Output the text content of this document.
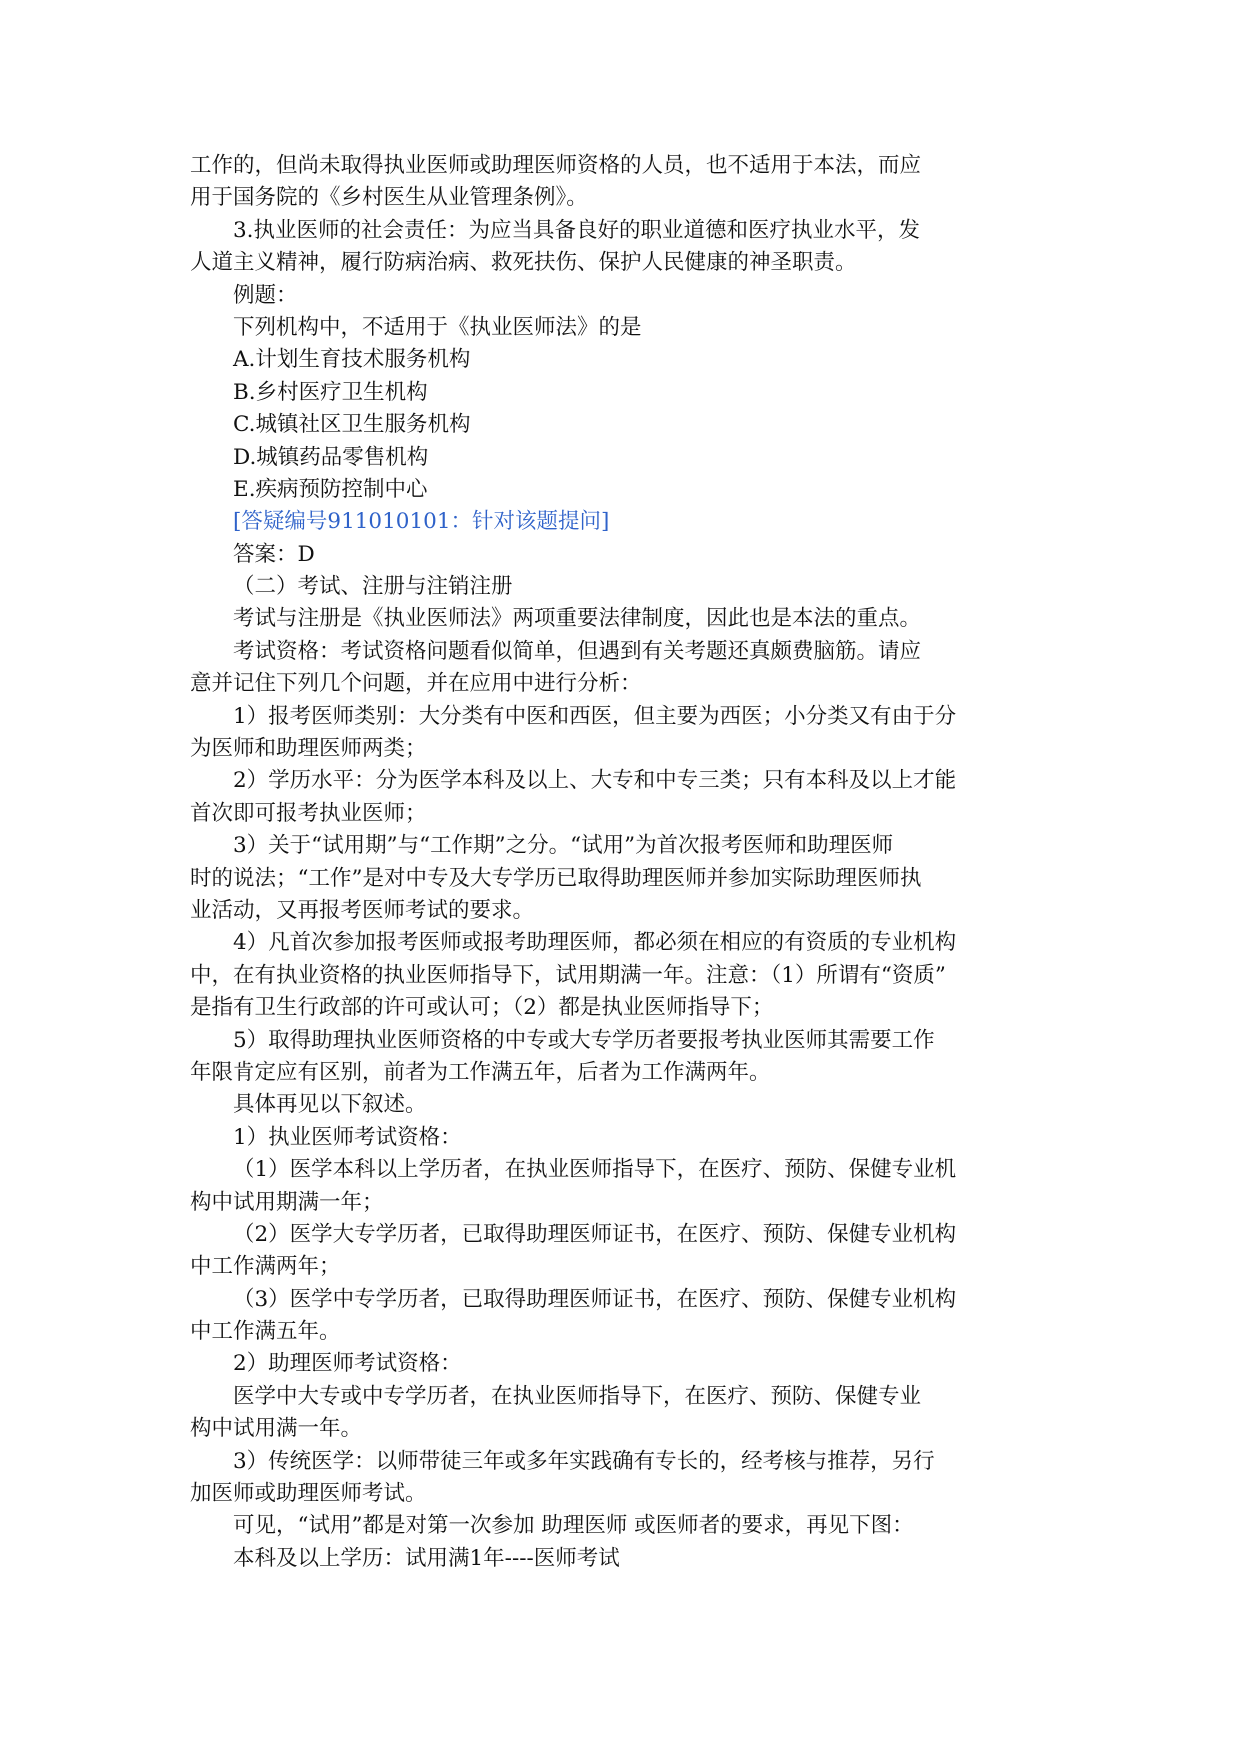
工作的，但尚未取得执业医师或助理医师资格的人员，也不适用于本法，而应
用于国务院的《乡村医生从业管理条例》。
3.执业医师的社会责任：为应当具备良好的职业道德和医疗执业水平，发
人道主义精神，履行防病治病、救死扶伤、保护人民健康的神圣职责。
例题：
下列机构中，不适用于《执业医师法》的是
A.计划生育技术服务机构
B.乡村医疗卫生机构
C.城镇社区卫生服务机构
D.城镇药品零售机构
E.疾病预防控制中心
[答疑编号911010101：针对该题提问]
答案：D
（二）考试、注册与注销注册
考试与注册是《执业医师法》两项重要法律制度，因此也是本法的重点。
考试资格：考试资格问题看似简单，但遇到有关考题还真颇费脑筋。请应
意并记住下列几个问题，并在应用中进行分析：
1）报考医师类别：大分类有中医和西医，但主要为西医；小分类又有由于分
为医师和助理医师两类；
2）学历水平：分为医学本科及以上、大专和中专三类；只有本科及以上才能
首次即可报考执业医师；
3）关于“试用期”与“工作期”之分。“试用”为首次报考医师和助理医师
时的说法；“工作”是对中专及大专学历已取得助理医师并参加实际助理医师执
业活动，又再报考医师考试的要求。
4）凡首次参加报考医师或报考助理医师，都必须在相应的有资质的专业机构
中，在有执业资格的执业医师指导下，试用期满一年。注意：（1）所谓有“资质”
是指有卫生行政部的许可或认可；（2）都是执业医师指导下；
5）取得助理执业医师资格的中专或大专学历者要报考执业医师其需要工作
年限肯定应有区别，前者为工作满五年，后者为工作满两年。
具体再见以下叙述。
1）执业医师考试资格：
（1）医学本科以上学历者，在执业医师指导下，在医疗、预防、保健专业机
构中试用期满一年；
（2）医学大专学历者，已取得助理医师证书，在医疗、预防、保健专业机构
中工作满两年；
（3）医学中专学历者，已取得助理医师证书，在医疗、预防、保健专业机构
中工作满五年。
2）助理医师考试资格：
医学中大专或中专学历者，在执业医师指导下，在医疗、预防、保健专业
构中试用满一年。
3）传统医学：以师带徒三年或多年实践确有专长的，经考核与推荐，另行
加医师或助理医师考试。
可见，“试用”都是对第一次参加 助理医师 或医师者的要求，再见下图：
本科及以上学历：试用满1年----医师考试
